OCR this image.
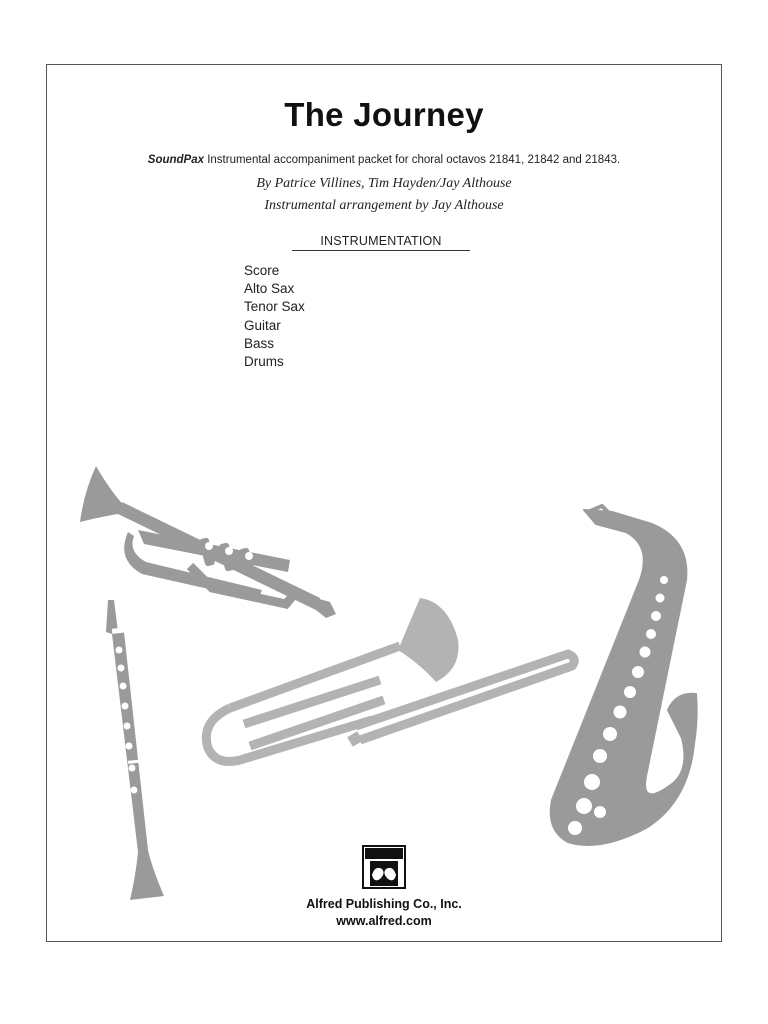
The Journey
SoundPax Instrumental accompaniment packet for choral octavos 21841, 21842 and 21843.
By Patrice Villines, Tim Hayden/Jay Althouse
Instrumental arrangement by Jay Althouse
INSTRUMENTATION
Score
Alto Sax
Tenor Sax
Guitar
Bass
Drums
Alfred Publishing Co., Inc.
www.alfred.com
